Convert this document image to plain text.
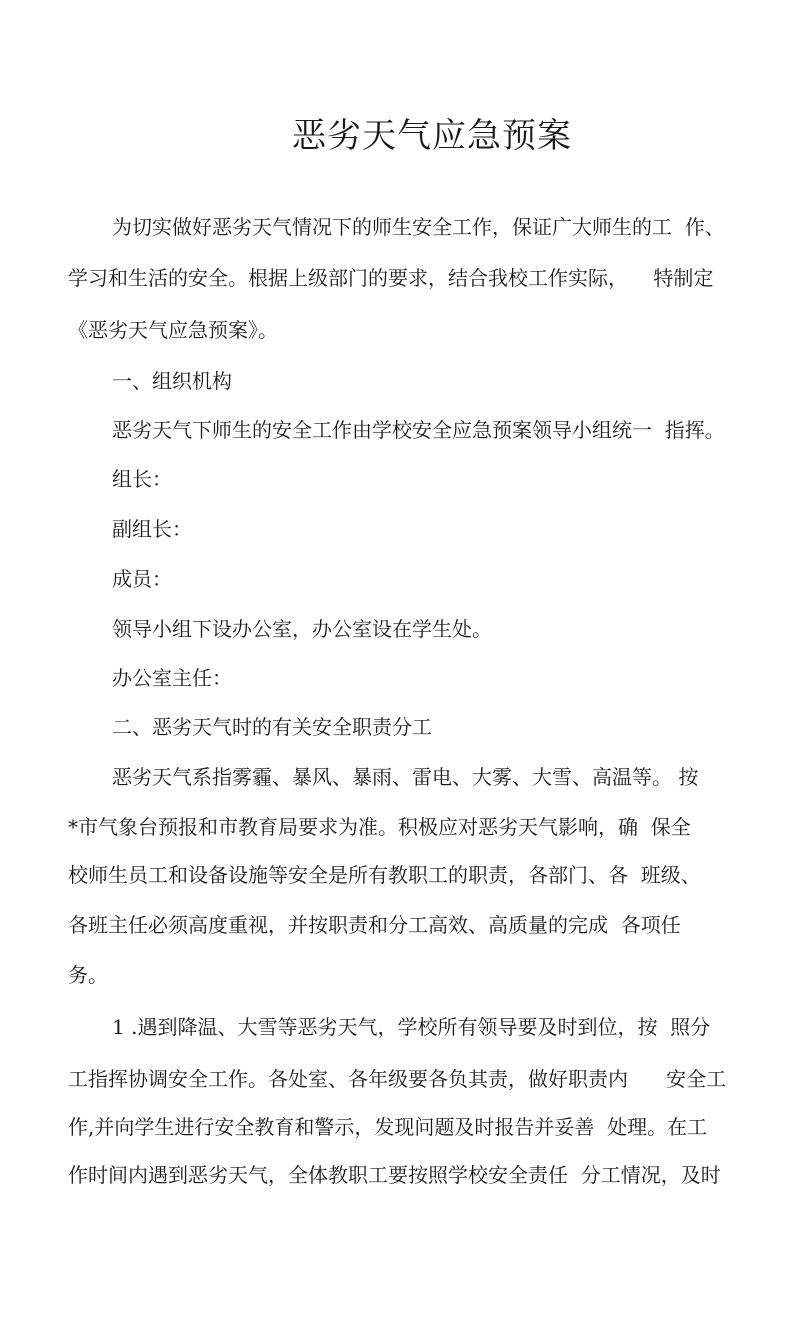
恶劣天气应急预案
为切实做好恶劣天气情况下的师生安全工作，保证广大师生的工  作、
学习和生活的安全。根据上级部门的要求，结合我校工作实际，    特制定
《恶劣天气应急预案》。
一、组织机构
恶劣天气下师生的安全工作由学校安全应急预案领导小组统一  指挥。
组长：
副组长：
成员：
领导小组下设办公室，办公室设在学生处。
办公室主任：
二、恶劣天气时的有关安全职责分工
恶劣天气系指雾霾、暴风、暴雨、雷电、大雾、大雪、高温等。 按
*市气象台预报和市教育局要求为准。积极应对恶劣天气影响，确  保全
校师生员工和设备设施等安全是所有教职工的职责，各部门、各  班级、
各班主任必须高度重视，并按职责和分工高效、高质量的完成  各项任
务。
1 .遇到降温、大雪等恶劣天气，学校所有领导要及时到位，按  照分
工指挥协调安全工作。各处室、各年级要各负其责，做好职责内      安全工
作,并向学生进行安全教育和警示，发现问题及时报告并妥善  处理。在工
作时间内遇到恶劣天气，全体教职工要按照学校安全责任  分工情况，及时
